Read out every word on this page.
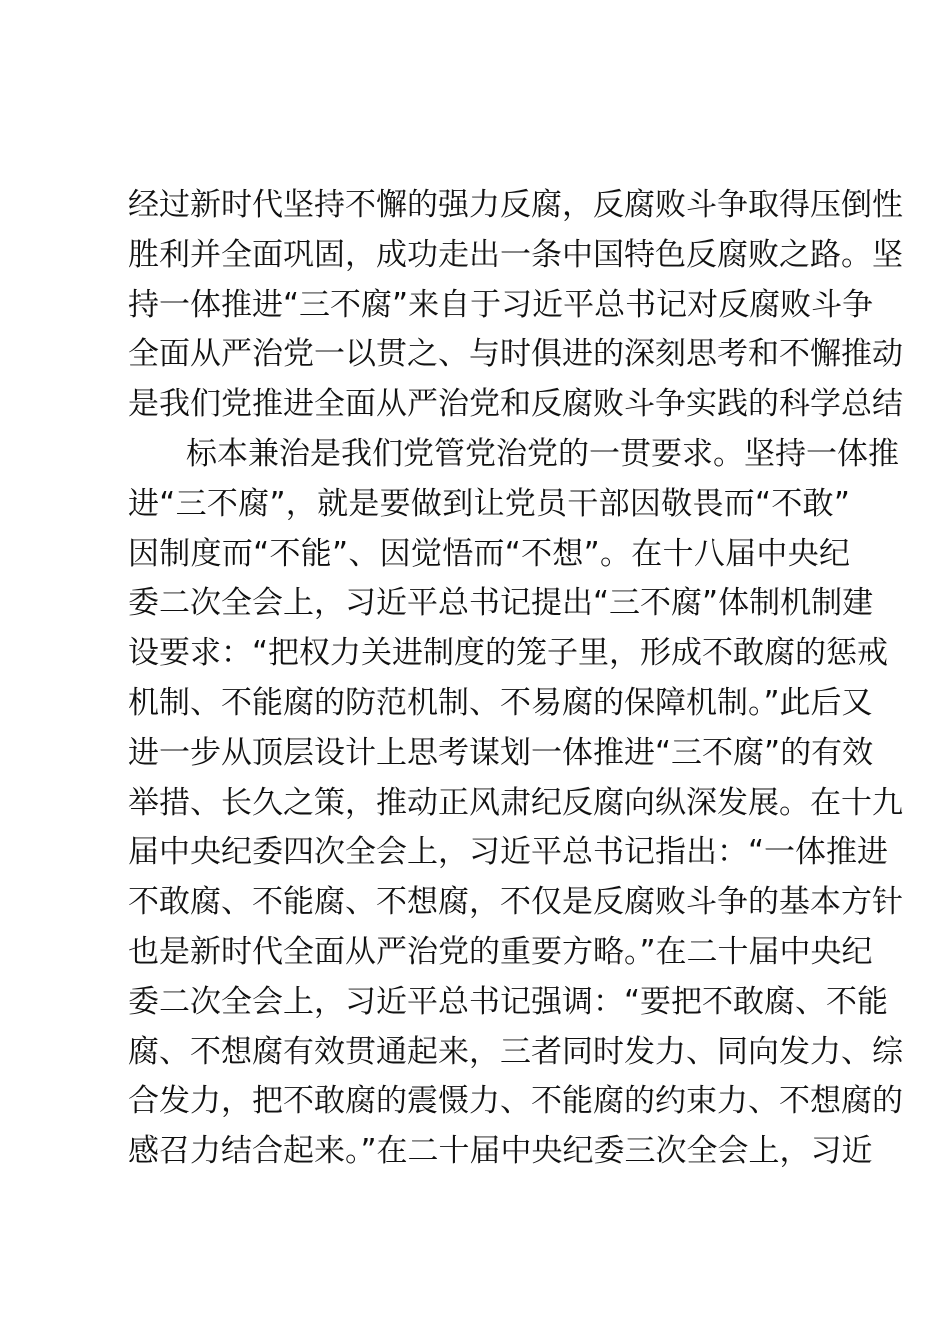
经过新时代坚持不懈的强力反腐，反腐败斗争取得压倒性
胜利并全面巩固，成功走出一条中国特色反腐败之路。坚
持一体推进“三不腐”来自于习近平总书记对反腐败斗争
全面从严治党一以贯之、与时俱进的深刻思考和不懈推动
是我们党推进全面从严治党和反腐败斗争实践的科学总结
标本兼治是我们党管党治党的一贯要求。坚持一体推
进“三不腐”，就是要做到让党员干部因敬畏而“不敢”
因制度而“不能”、因觉悟而“不想”。在十八届中央纪
委二次全会上，习近平总书记提出“三不腐”体制机制建
设要求：“把权力关进制度的笼子里，形成不敢腐的惩戒
机制、不能腐的防范机制、不易腐的保障机制。”此后又
进一步从顶层设计上思考谋划一体推进“三不腐”的有效
举措、长久之策，推动正风肃纪反腐向纵深发展。在十九
届中央纪委四次全会上，习近平总书记指出：“一体推进
不敢腐、不能腐、不想腐，不仅是反腐败斗争的基本方针
也是新时代全面从严治党的重要方略。”在二十届中央纪
委二次全会上，习近平总书记强调：“要把不敢腐、不能
腐、不想腐有效贯通起来，三者同时发力、同向发力、综
合发力，把不敢腐的震慑力、不能腐的约束力、不想腐的
感召力结合起来。”在二十届中央纪委三次全会上，习近
